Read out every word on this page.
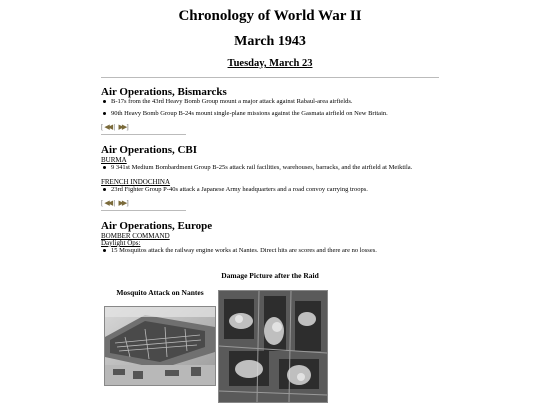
Chronology of World War II
March 1943
Tuesday, March 23
Air Operations, Bismarcks
B-17s from the 43rd Heavy Bomb Group mount a major attack against Rabaul-area airfields.
90th Heavy Bomb Group B-24s mount single-plane missions against the Gasmata airfield on New Britain.
[ ◀◀ | ▶▶ ]
Air Operations, CBI
BURMA
9 341st Medium Bombardment Group B-25s attack rail facilities, warehouses, barracks, and the airfield at Meiktila.
FRENCH INDOCHINA
23rd Fighter Group P-40s attack a Japanese Army headquarters and a road convoy carrying troops.
[ ◀◀ | ▶▶ ]
Air Operations, Europe
BOMBER COMMAND
Daylight Ops:
15 Mosquitos attack the railway engine works at Nantes. Direct hits are scores and there are no losses.
Damage Picture after the Raid
Mosquito Attack on Nantes
